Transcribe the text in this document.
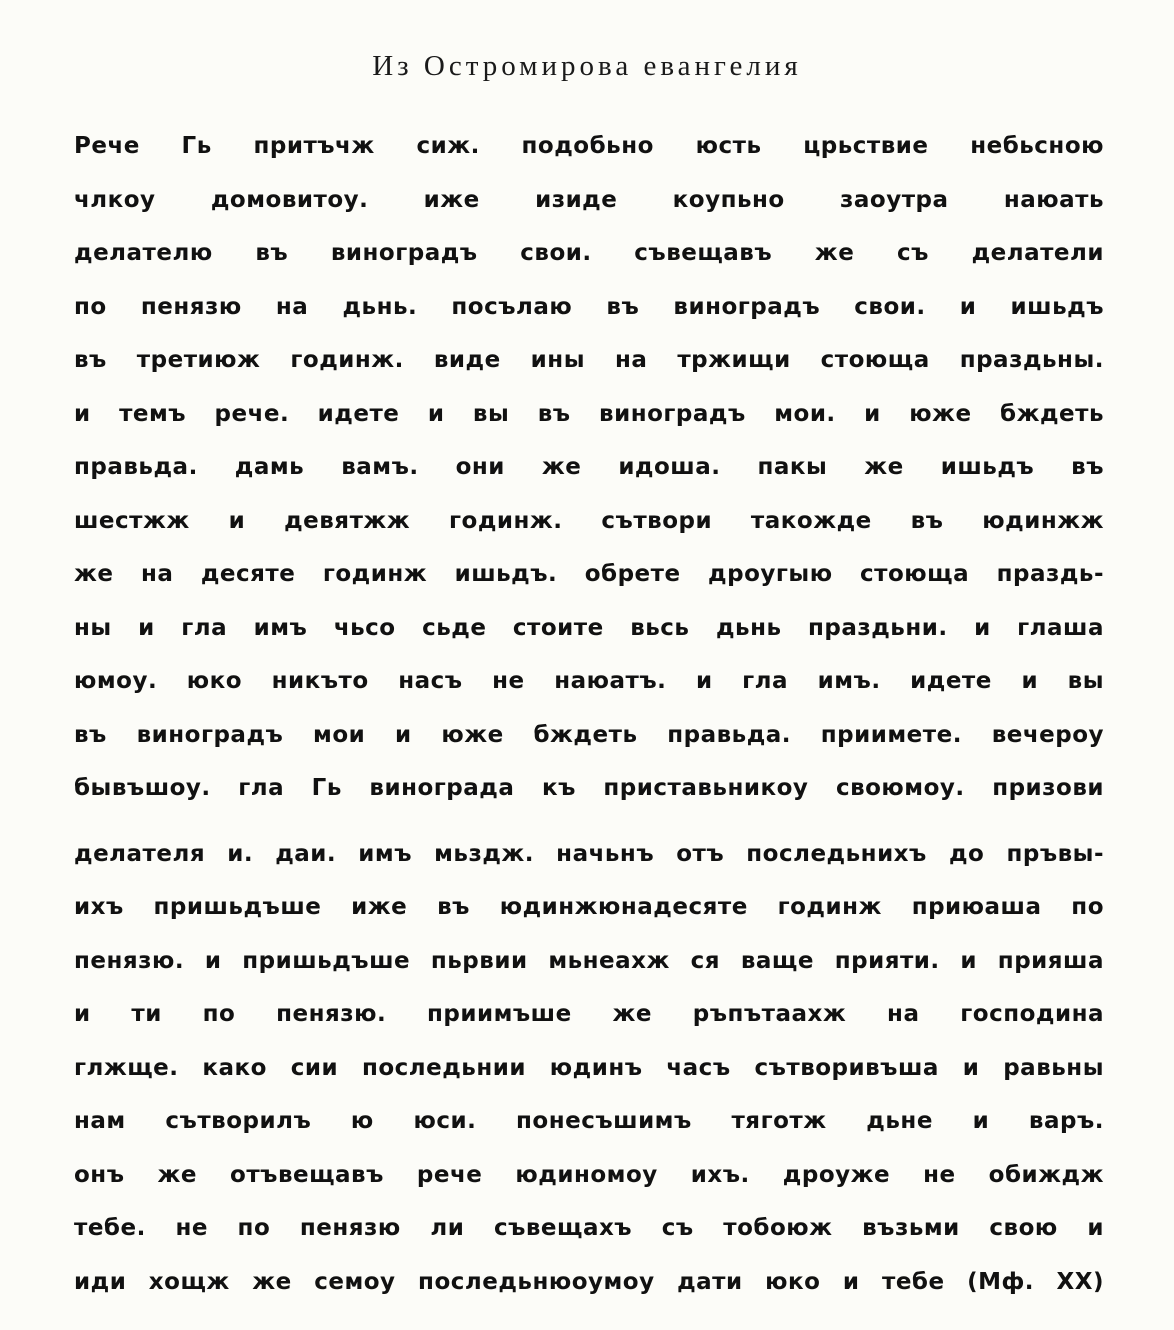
Из Остромирова евангелия
Рече Гь притъчж сиж. подобьно юсть црьствие небьсною
члкоу домовитоу. иже изиде коупьно заоутра наюать
делателю въ виноградъ свои. съвещавъ же съ делатели
по пенязю на дьнь. посълаю въ виноградъ свои. и ишьдъ
въ третиюж годинж. виде ины на тржищи стоюща праздьны.
и темъ рече. идете и вы въ виноградъ мои. и юже бждеть
правьда. дамь вамъ. они же идоша. пакы же ишьдъ въ
шестжж и девятжж годинж. сътвори такожде въ юдинжж
же на десяте годинж ишьдъ. обрете дроугыю стоюща праздь-
ны и гла имъ чьсо сьде стоите вьсь дьнь праздьни. и глаша
юмоу. юко никъто насъ не наюатъ. и гла имъ. идете и вы
въ виноградъ мои и юже бждеть правьда. приимете. вечероу
бывъшоу. гла Гь винограда къ приставьникоу своюмоу. призови
делателя и. даи. имъ мьздж. начьнъ отъ последьнихъ до пръвы-
ихъ пришьдъше иже въ юдинжюнадесяте годинж приюаша по
пенязю. и пришьдъше пьрвии мьнеахж ся ваще прияти. и прияша
и ти по пенязю. приимъше же ръпътаахж на господина
глжще. како сии последьнии юдинъ часъ сътворивъша и равьны
нам сътворилъ ю юси. понесъшимъ тяготж дьне и варъ.
онъ же отъвещавъ рече юдиномоу ихъ. дроуже не обиждж
тебе. не по пенязю ли съвещахъ съ тобоюж възьми свою и
иди хощж же семоу последьнюоумоу дати юко и тебе (Мф. XX)
